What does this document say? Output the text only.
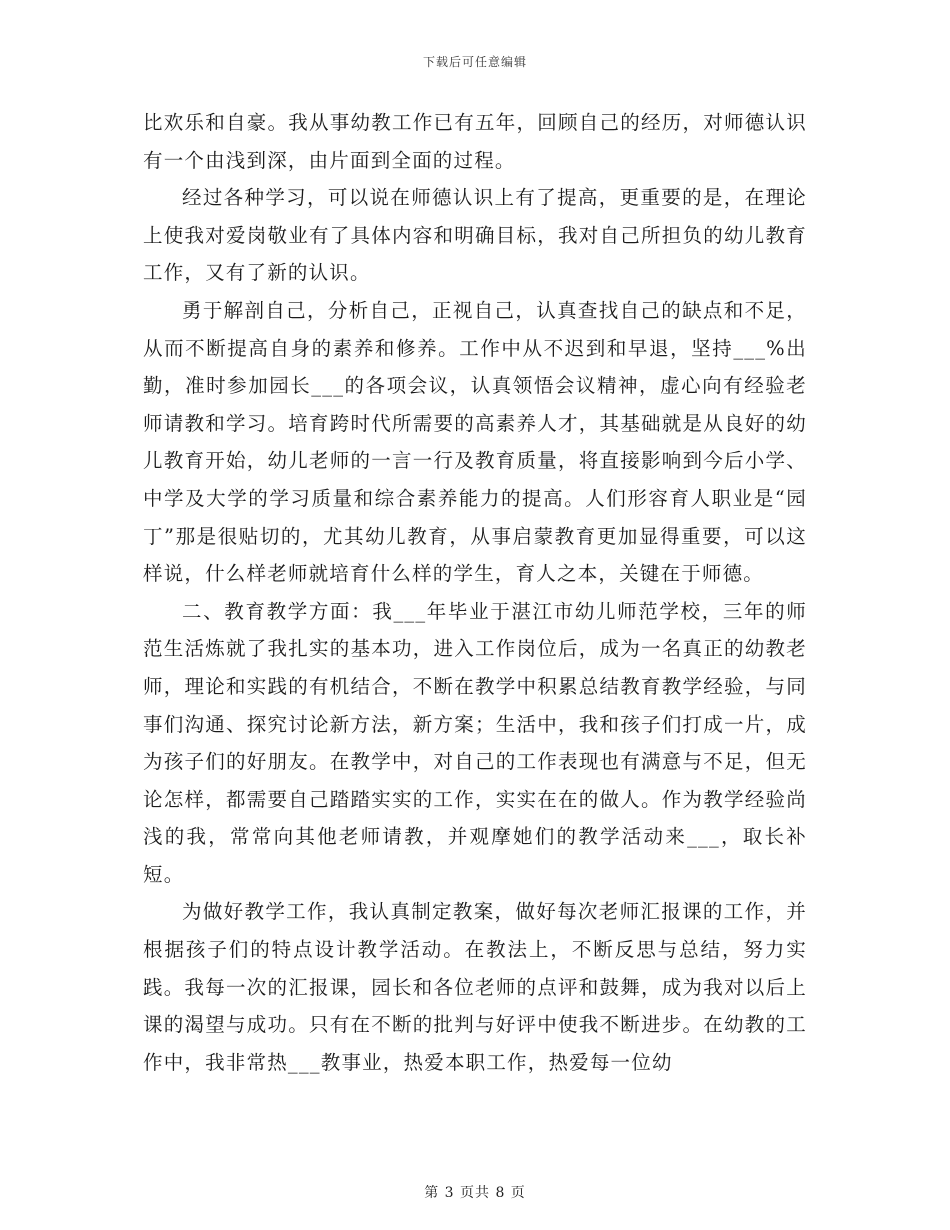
下载后可任意编辑

比欢乐和自豪。我从事幼教工作已有五年，回顾自己的经历，对师德认识有一个由浅到深，由片面到全面的过程。

经过各种学习，可以说在师德认识上有了提高，更重要的是，在理论上使我对爱岗敬业有了具体内容和明确目标，我对自己所担负的幼儿教育工作，又有了新的认识。

勇于解剖自己，分析自己，正视自己，认真查找自己的缺点和不足，从而不断提高自身的素养和修养。工作中从不迟到和早退，坚持___%出勤，准时参加园长___的各项会议，认真领悟会议精神，虚心向有经验老师请教和学习。培育跨时代所需要的高素养人才，其基础就是从良好的幼儿教育开始，幼儿老师的一言一行及教育质量，将直接影响到今后小学、中学及大学的学习质量和综合素养能力的提高。人们形容育人职业是“园丁”那是很贴切的，尤其幼儿教育，从事启蒙教育更加显得重要，可以这样说，什么样老师就培育什么样的学生，育人之本，关键在于师德。

二、教育教学方面：我___年毕业于湛江市幼儿师范学校，三年的师范生活炼就了我扎实的基本功，进入工作岗位后，成为一名真正的幼教老师，理论和实践的有机结合，不断在教学中积累总结教育教学经验，与同事们沟通、探究讨论新方法，新方案；生活中，我和孩子们打成一片，成为孩子们的好朋友。在教学中，对自己的工作表现也有满意与不足，但无论怎样，都需要自己踏踏实实的工作，实实在在的做人。作为教学经验尚浅的我，常常向其他老师请教，并观摩她们的教学活动来___，取长补短。

为做好教学工作，我认真制定教案，做好每次老师汇报课的工作，并根据孩子们的特点设计教学活动。在教法上，不断反思与总结，努力实践。我每一次的汇报课，园长和各位老师的点评和鼓舞，成为我对以后上课的渴望与成功。只有在不断的批判与好评中使我不断进步。在幼教的工作中，我非常热___教事业，热爱本职工作，热爱每一位幼

第 3 页共 8 页
